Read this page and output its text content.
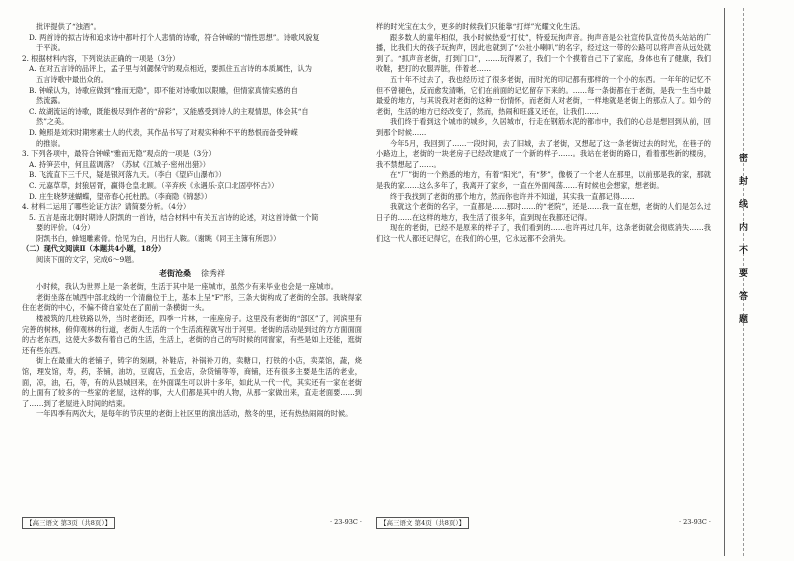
批评提供了“浊酒”。

D. 两首诗的拟古诗和追求诗中都叶打个人悲情的诗歌，符合钟嵘的“情性思想”。诗歌风貌复

于平淡。

2. 根据材料内容，下列说法正确的一项是（3分）

A. 在对五言诗的品评上，孟子里与刘勰保守的观点相近，要抓住五言诗的本质属性，认为

五言诗歌中最出众的。

B. 钟嵘认为，诗歌应做到“雅而无隐”，即不能对诗歌加以限雕，但情家真情实感的自

然流露。

C. 故湖流运的诗歌，既能极尽到作者的“辞彩”，又能感受到诗人的主观情思，体会其“自

然”之美。

D. 鲍照是刘宋时期寒素士人的代表，其作品书写了对观实种种不平的愁恨而备受钟嵘

的推崇。

3. 下列各项中，最符合钟嵘“雅而无隐”观点的一项是（3分）

A. 持笋芸中，何且蓝调落？（苏轼《江城子·密州出猎》）

B. 飞流直下三千尺，疑是银河落九天。（李白《望庐山瀑布》）

C. 元嘉草草，封狼居胥，赢得仓皇北顾。（辛弃疾《永遇乐·京口北固亭怀古》）

D. 庄生晓梦迷蝴蝶，望帝春心托杜鹃。（李商隐《锦瑟》）

4. 材料二运用了哪些论证方法？请简要分析。（4分）

5. 五言是南北朝时期诗人阴凯的一首诗，结合材料中有关五言诗的论述，对这首诗做一个简

要的评价。（4分）

阴凯书白，蜂翅雕素骨。恰见为白，月出行人鞍。（谢眺《同王主簿有所思》）

（二）现代文阅读Ⅱ（本题共4小题，18分）

阅读下面的文字，完成6～9题。

老街沧桑 徐秀祥

小时候，我认为世界上是一条老街，生活于其中是一座城市，虽然少有来毕业也会是一座城市。

老街坐落在城西中部北线的一个清幽位于上，基本上呈“F”形，三条大街构成了老街的全部。我晓得家住在老街的中心，不偏不倚自家处在了面前一条横街一头。

楼被筑的几柱铁路以外，当时老街还，四季一片林，一座座房子。这里没有老街的“部区”了，河滨里有完善的树林，俯仰观林的行道，老街人生活的一个生活流程就写出于河里。老街的活动是到过的方方面面面的古老东西，这使大多数有着自己的生活，生活上，老街的自己的写时候的同窗家，有些是如上还能，逛街还有些东西。

街上在最重大的老铺子，铸字的刻刷，补鞋店，补锅补刀的，卖糖口，打铁的小店，卖菜馆，蔬，烧馆，理发馆，寿，药，茶铺，油坊，豆腐店，五金店，杂货铺等等，商铺，还有很多主要是生活的老业，面，凉，油，石，等，有的从县城回来，在外面谋生可以讲十多年，如此从一代一代，其实还有一家在老街的上面有了较多的一些家的老屋，这样的事，大人们都是其中的人物，从那一家做出来，直走老面要……到了……到了老屋进入时间的结束。

一年四季有两次大，是每年的节庆里的老街上社区里的演出活动，熬冬的里，还有热热闹闹的时候。

样的时光宝在太少，更多的时候我们只能靠“打烊”光耀文化生活。

跟多数人的童年相似，我小时候热爱“打仗”，特爱玩拘声音。拘声音是公社宣传队宣传员头站站的广播，比我们大的孩子玩拘声，因此也就到了“公社小喇叭”的名字，经过这一带的公路可以将声音从远处就到了。“抓声音老街，打到门口”，……玩得累了，我们一个个摸着自己下了家庭，身体也有了健康，我们收鞋，把打的衣服弄脏，伴着老……

五十年不过去了，我也经历过了很多老街，而时光的印记都有那样的一个小的东西。一年年的记忆不但不曾褪色，反而愈发清晰，它们在前面的记忆留存下来的。……每一条街都在于老街，是我一生当中最最爱的地方，与其说我对老街的这种一份情怀，而老街人对老街，一样地就是老街上的那点人了。如今的老街，生活的地方已经改变了，然而，热闹和旺盛又还在，让我们……

我们终于看到这个城市的城乡，久居城市，行走在钢筋水泥的都市中，我们的心总是想回到从前，回到那个时候……

今年5月，我回到了……一段时间，去了旧城，去了老街，又想起了这一条老街过去的时光，在巷子的小路边上，老街的一块老房子已经改建成了一个新的样子……。我站在老街的路口，看着那些新的楼房，我不禁想起了……。

在“厂”街的一个熟悉的地方，有着“阳光”，有“梦”，像极了一个老人在那里，以前那是我的家，那就是我的家……这么多年了，我离开了家乡，一直在外面闯荡……有时候也会想家，想老街。

终于我找到了老街的那个地方，然而你也许并不知道，其实我一直都记得……

我就这个老街的名字，一直都是……那时……的“老院”，还是……我一直在想，老街的人们是怎么过日子的……在这样的地方，我生活了很多年，直到现在我都还记得。

现在的老街，已经不是原来的样子了，我们看到的……也许再过几年，这条老街就会彻底消失……我们这一代人都还记得它，在我们的心里，它永远都不会消失。

【高三语文 第3页（共8页）】	· 23-93C ·	【高三语文 第4页（共8页）】	· 23-93C ·
密封线内不要答题
